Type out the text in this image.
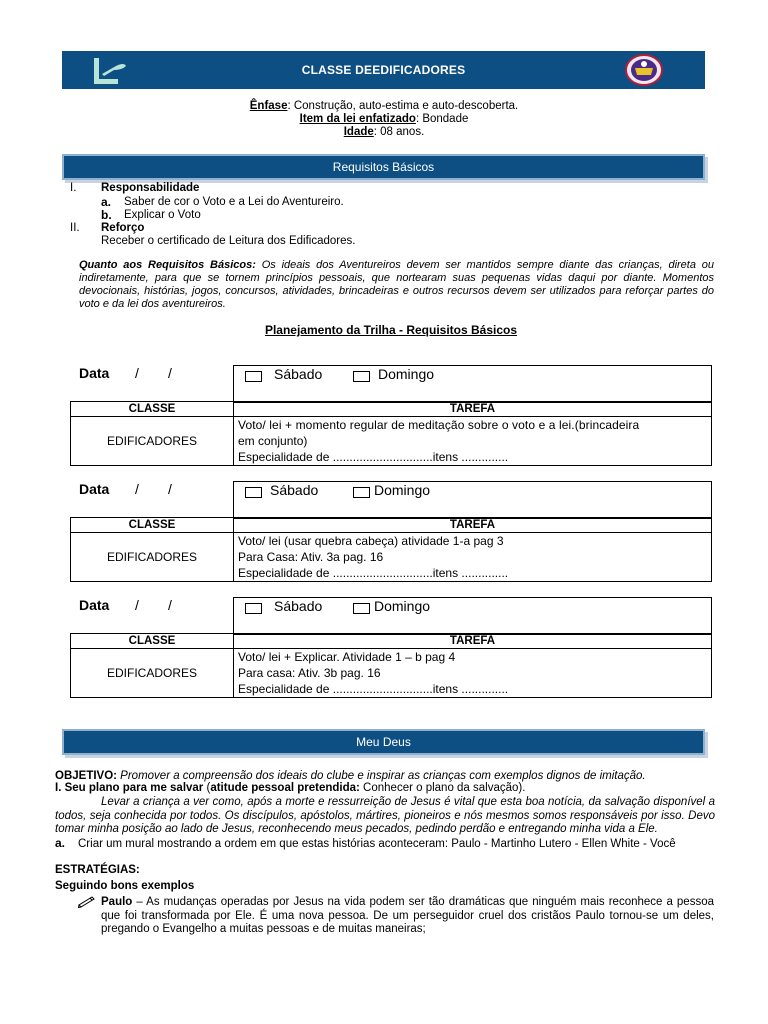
CLASSE DEEDIFICADORES
Ênfase: Construção, auto-estima e auto-descoberta.
Item da lei enfatizado: Bondade
Idade: 08 anos.
Requisitos Básicos
I. Responsabilidade
a. Saber de cor o Voto e a Lei do Aventureiro.
b. Explicar o Voto
II. Reforço
Receber o certificado de Leitura dos Edificadores.
Quanto aos Requisitos Básicos: Os ideais dos Aventureiros devem ser mantidos sempre diante das crianças, direta ou indiretamente, para que se tornem princípios pessoais, que nortearam suas pequenas vidas daqui por diante. Momentos devocionais, histórias, jogos, concursos, atividades, brincadeiras e outros recursos devem ser utilizados para reforçar partes do voto e da lei dos aventureiros.
Planejamento da Trilha - Requisitos Básicos
Data / /	Sábado	Domingo
CLASSE	TAREFA
EDIFICADORES	Voto/ lei + momento regular de meditação sobre o voto e a lei.(brincadeira
em conjunto)
Especialidade de ..............................itens ..............
Data / /	Sábado	Domingo
CLASSE	TAREFA
EDIFICADORES	Voto/ lei (usar quebra cabeça) atividade 1-a pag 3
Para Casa: Ativ. 3a pag. 16
Especialidade de ..............................itens ..............
Data / /	Sábado	Domingo
CLASSE	TAREFA
EDIFICADORES	Voto/ lei + Explicar. Atividade 1 – b pag 4
Para casa: Ativ. 3b pag. 16
Especialidade de ..............................itens ..............
Meu Deus
OBJETIVO: Promover a compreensão dos ideais do clube e inspirar as crianças com exemplos dignos de imitação.
I. Seu plano para me salvar (atitude pessoal pretendida: Conhecer o plano da salvação).
Levar a criança a ver como, após a morte e ressurreição de Jesus é vital que esta boa notícia, da salvação disponível a todos, seja conhecida por todos. Os discípulos, apóstolos, mártires, pioneiros e nós mesmos somos responsáveis por isso. Devo tomar minha posição ao lado de Jesus, reconhecendo meus pecados, pedindo perdão e entregando minha vida a Ele.
a. Criar um mural mostrando a ordem em que estas histórias aconteceram: Paulo - Martinho Lutero - Ellen White - Você
ESTRATÉGIAS:
Seguindo bons exemplos
Paulo – As mudanças operadas por Jesus na vida podem ser tão dramáticas que ninguém mais reconhece a pessoa que foi transformada por Ele. É uma nova pessoa. De um perseguidor cruel dos cristãos Paulo tornou-se um deles, pregando o Evangelho a muitas pessoas e de muitas maneiras;
